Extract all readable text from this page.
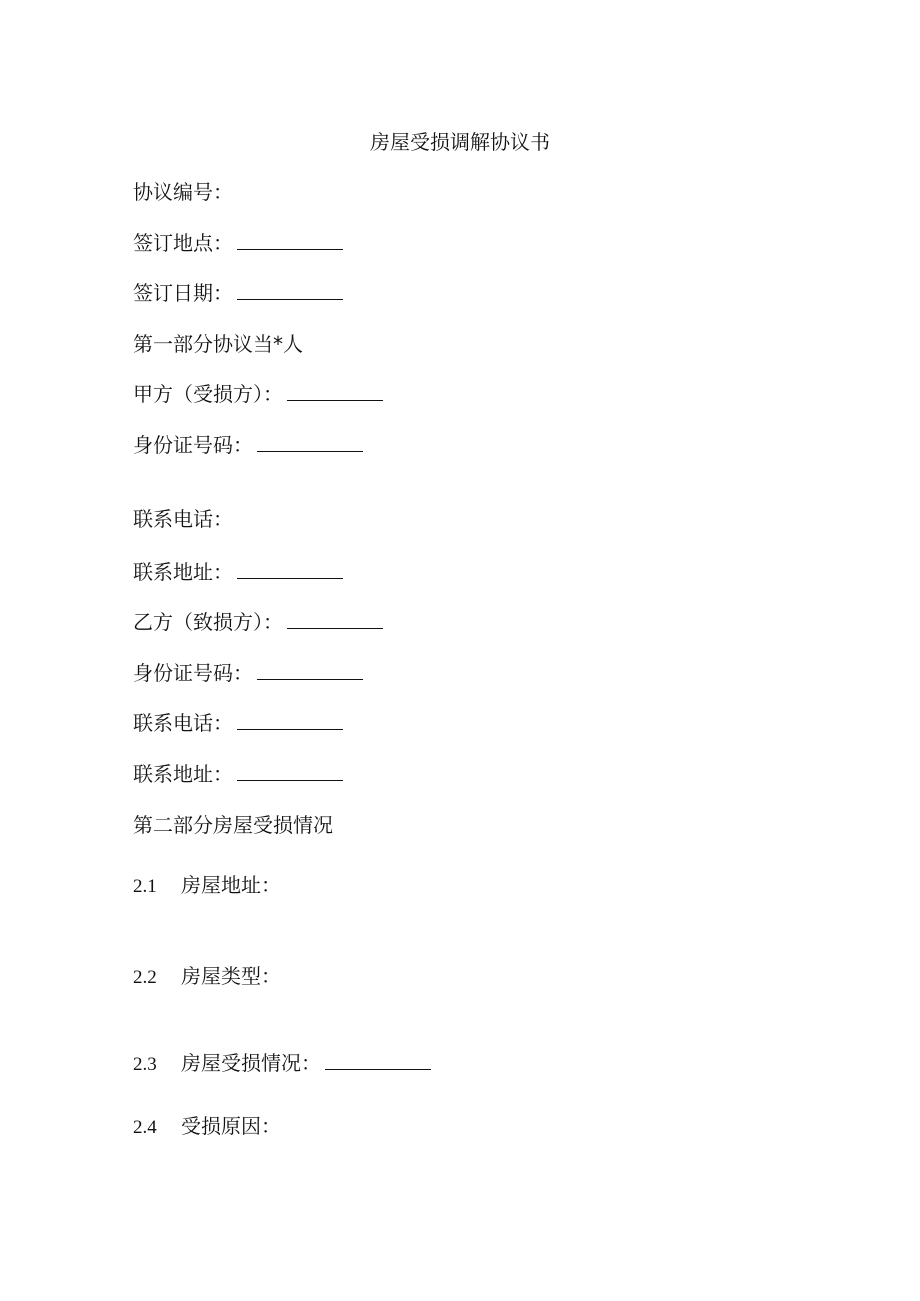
房屋受损调解协议书
协议编号：
签订地点：
签订日期：
第一部分协议当*人
甲方（受损方）：
身份证号码：
联系电话：
联系地址：
乙方（致损方）：
身份证号码：
联系电话：
联系地址：
第二部分房屋受损情况
2.1 房屋地址：
2.2 房屋类型：
2.3 房屋受损情况：
2.4 受损原因：
